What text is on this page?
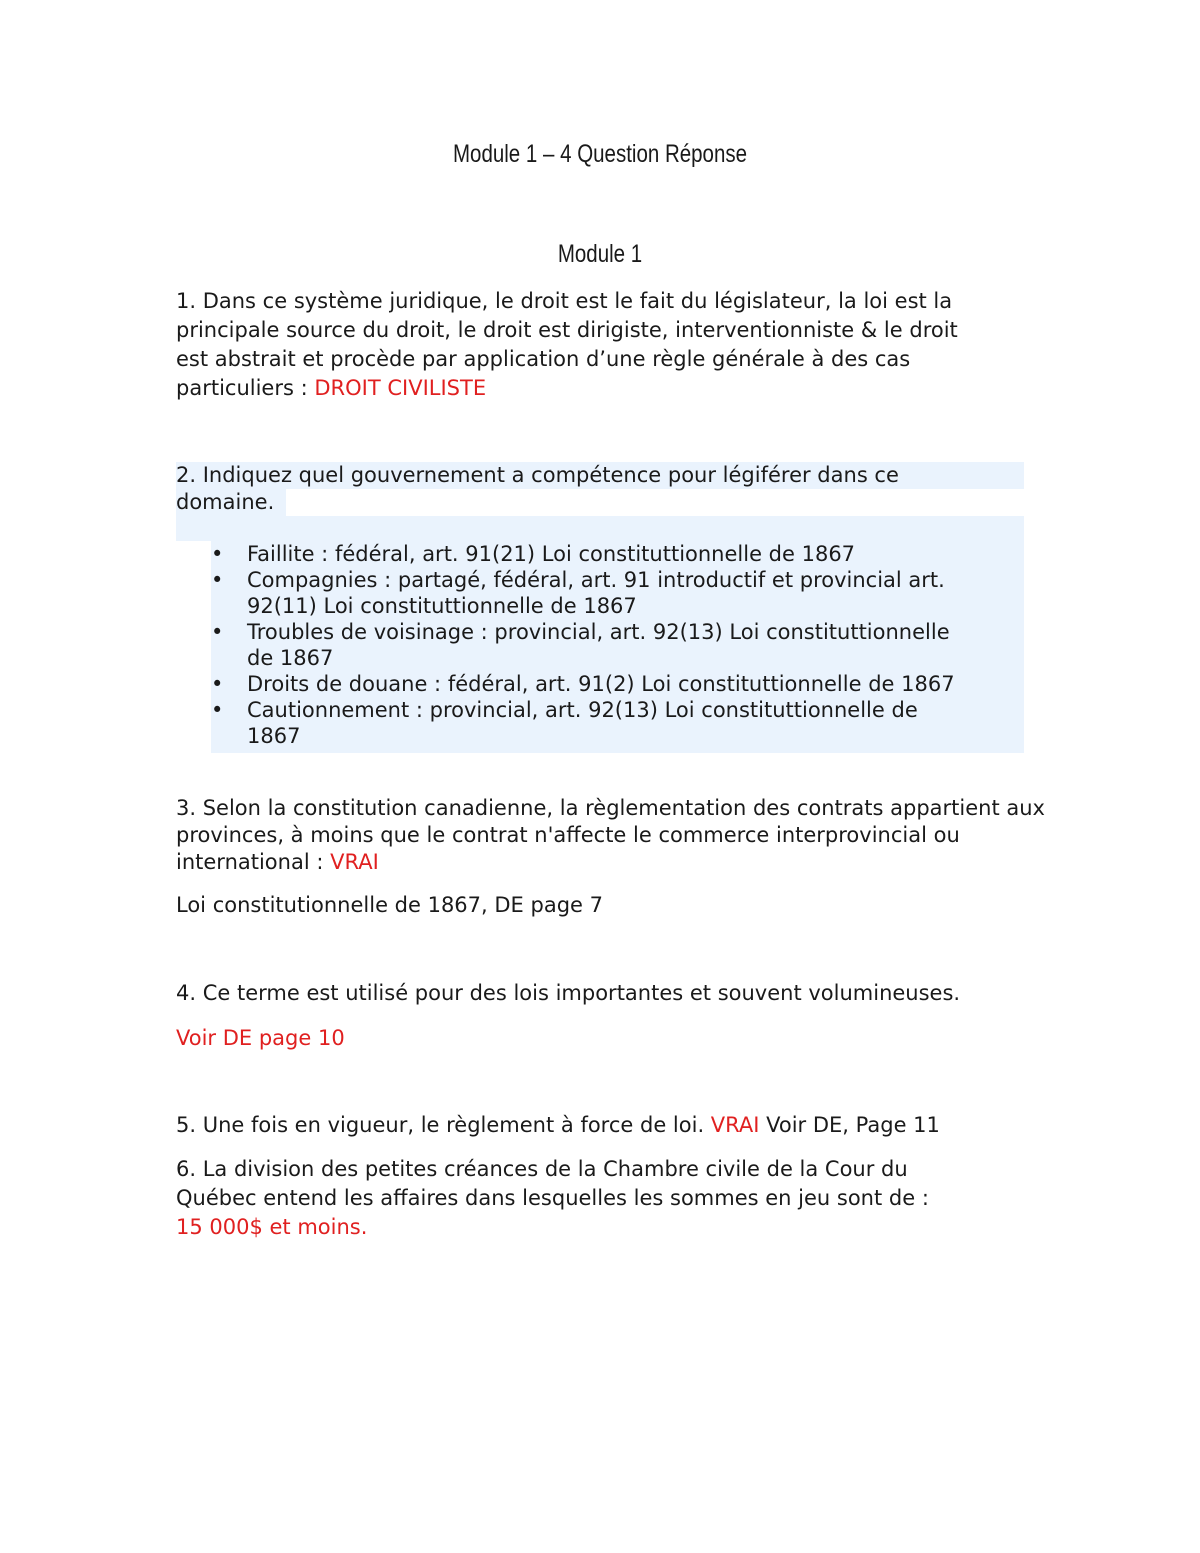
Module 1 – 4 Question Réponse
Module 1
1. Dans ce système juridique, le droit est le fait du législateur, la loi est la
principale source du droit, le droit est dirigiste, interventionniste & le droit
est abstrait et procède par application d’une règle générale à des cas
particuliers : DROIT CIVILISTE
2. Indiquez quel gouvernement a compétence pour légiférer dans ce
domaine.
• Faillite : fédéral, art. 91(21) Loi constituttionnelle de 1867
• Compagnies : partagé, fédéral, art. 91 introductif et provincial art.
92(11) Loi constituttionnelle de 1867
• Troubles de voisinage : provincial, art. 92(13) Loi constituttionnelle
de 1867
• Droits de douane : fédéral, art. 91(2) Loi constituttionnelle de 1867
• Cautionnement : provincial, art. 92(13) Loi constituttionnelle de
1867
3. Selon la constitution canadienne, la règlementation des contrats appartient aux
provinces, à moins que le contrat n'affecte le commerce interprovincial ou
international : VRAI
Loi constitutionnelle de 1867, DE page 7
4. Ce terme est utilisé pour des lois importantes et souvent volumineuses.
Voir DE page 10
5. Une fois en vigueur, le règlement à force de loi. VRAI Voir DE, Page 11
6. La division des petites créances de la Chambre civile de la Cour du
Québec entend les affaires dans lesquelles les sommes en jeu sont de :
15 000$ et moins.
